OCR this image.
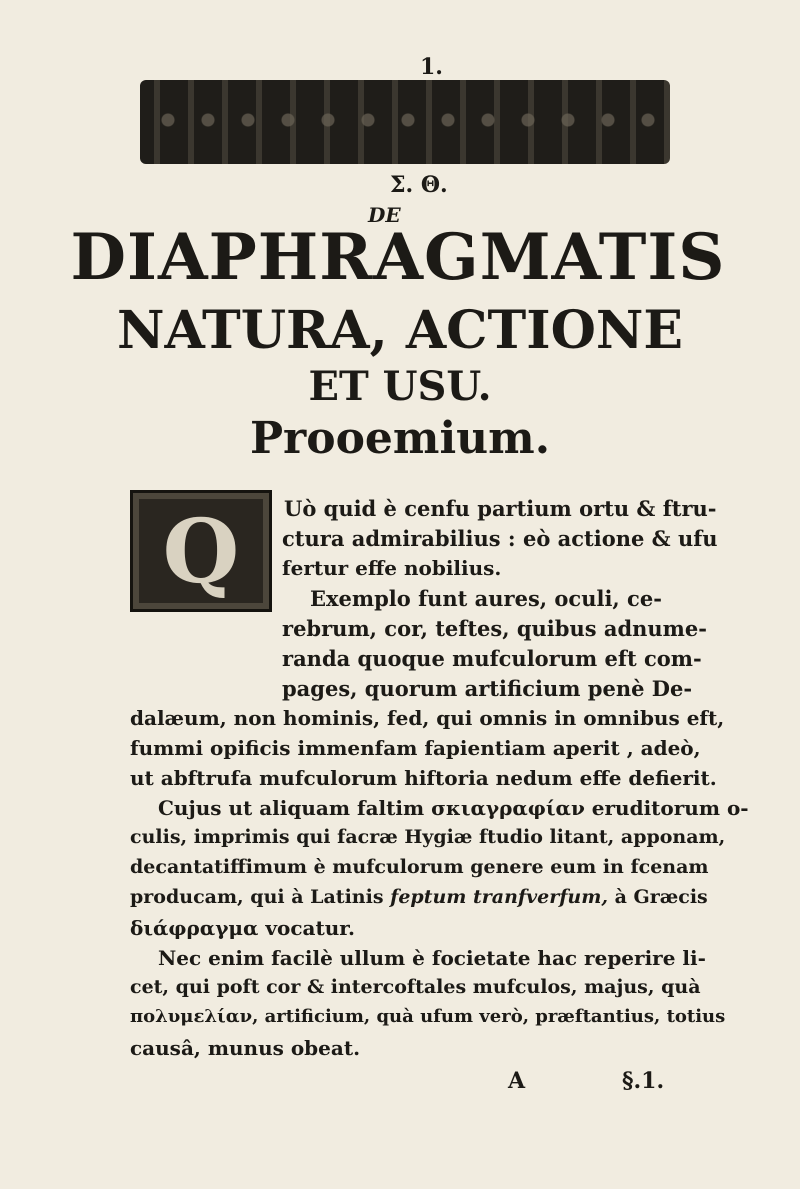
1.
Σ. Θ.
DE
DIAPHRAGMATIS
NATURA, ACTIONE
ET USU.
Prooemium.
Q	Uò quid è cenfu partium ortu & ftru-
ctura admirabilius : eò actione & ufu
fertur effe nobilius.
Exemplo funt aures, oculi, ce-
rebrum, cor, teftes, quibus adnume-
randa quoque mufculorum eft com-
pages, quorum artificium penè De-
dalæum, non hominis, fed, qui omnis in omnibus eft,
fummi opificis immenfam fapientiam aperit , adeò,
ut abftrufa mufculorum hiftoria nedum effe defierit.
Cujus ut aliquam faltim σκιαγραφίαν eruditorum o-
culis, imprimis qui facræ Hygiæ ftudio litant, apponam,
decantatiffimum è mufculorum genere eum in fcenam
producam, qui à Latinis feptum tranfverfum, à Græcis
διάφραγμα vocatur.
Nec enim facilè ullum è focietate hac reperire li-
cet, qui poft cor & intercoftales mufculos, majus, quà
πολυμελίαν, artificium, quà ufum verò, præftantius, totius
causâ, munus obeat.
A	§.1.
